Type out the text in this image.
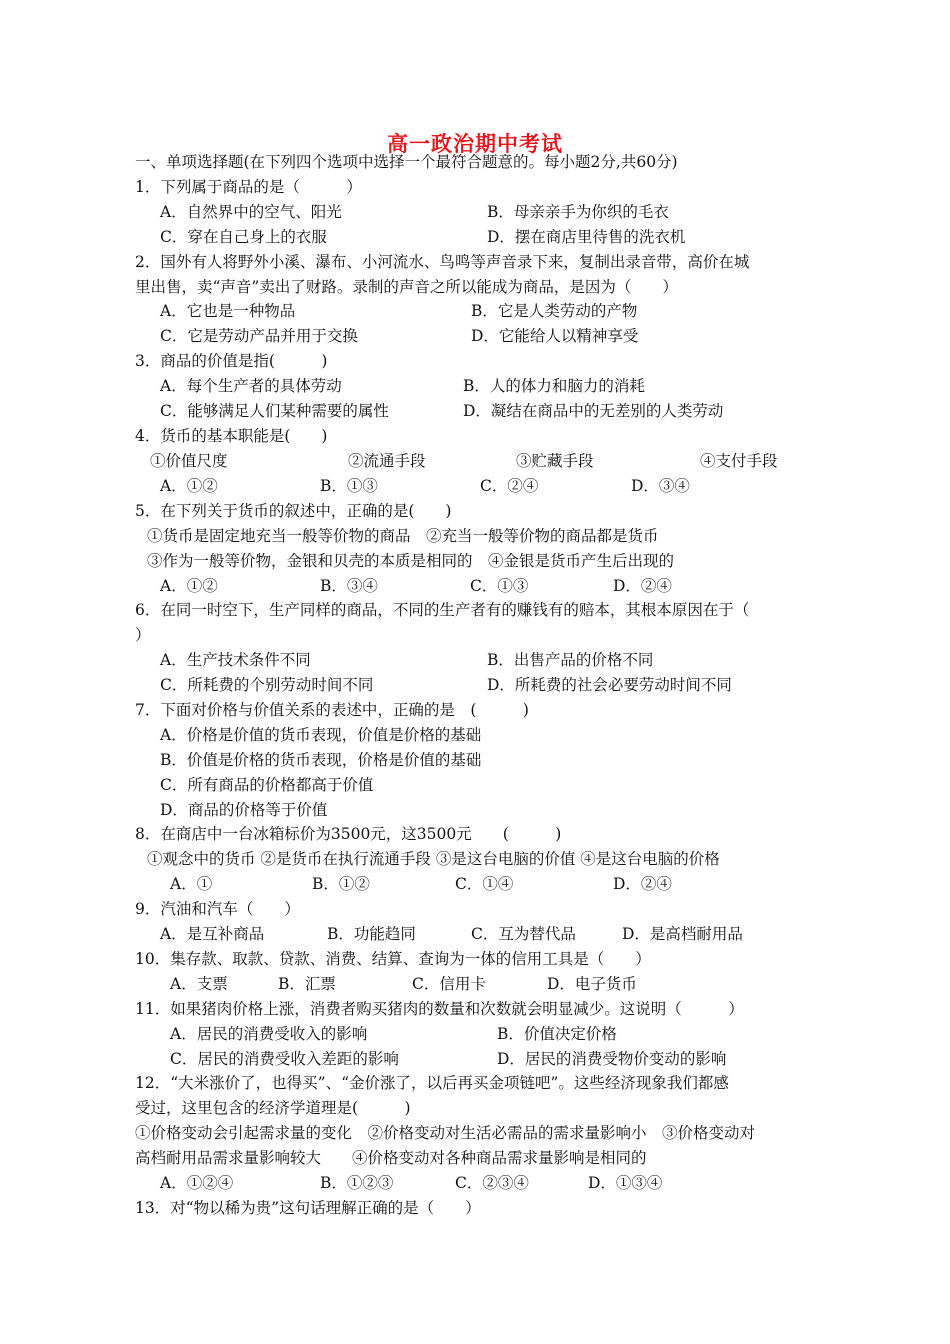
高一政治期中考试
一、单项选择题(在下列四个选项中选择一个最符合题意的。每小题2分,共60分)
1．下列属于商品的是（　　　）
A．自然界中的空气、阳光	B．母亲亲手为你织的毛衣
C．穿在自己身上的衣服	D．摆在商店里待售的洗衣机
2．国外有人将野外小溪、瀑布、小河流水、鸟鸣等声音录下来，复制出录音带，高价在城
里出售，卖“声音”卖出了财路。录制的声音之所以能成为商品，是因为（　　）
A．它也是一种物品	B．它是人类劳动的产物
C．它是劳动产品并用于交换	D．它能给人以精神享受
3．商品的价值是指(　　　)
A．每个生产者的具体劳动	B．人的体力和脑力的消耗
C．能够满足人们某种需要的属性	D．凝结在商品中的无差别的人类劳动
4．货币的基本职能是(　　)
①价值尺度	②流通手段	③贮藏手段	④支付手段
A．①②	B．①③	C．②④	D．③④
5．在下列关于货币的叙述中，正确的是(　　)
①货币是固定地充当一般等价物的商品　②充当一般等价物的商品都是货币
③作为一般等价物，金银和贝壳的本质是相同的　④金银是货币产生后出现的
A．①②	B．③④	C．①③	D．②④
6．在同一时空下，生产同样的商品，不同的生产者有的赚钱有的赔本，其根本原因在于（
）
A．生产技术条件不同	B．出售产品的价格不同
C．所耗费的个别劳动时间不同	D．所耗费的社会必要劳动时间不同
7．下面对价格与价值关系的表述中，正确的是　(　　　)
A．价格是价值的货币表现，价值是价格的基础
B．价值是价格的货币表现，价格是价值的基础
C．所有商品的价格都高于价值
D．商品的价格等于价值
8．在商店中一台冰箱标价为3500元，这3500元　　(　　　)
①观念中的货币 ②是货币在执行流通手段 ③是这台电脑的价值 ④是这台电脑的价格
A．①	B．①②	C．①④	D．②④
9．汽油和汽车（　　）
A．是互补商品	B．功能趋同	C．互为替代品	D．是高档耐用品
10．集存款、取款、贷款、消费、结算、查询为一体的信用工具是（　　）
A．支票	B．汇票	C．信用卡	D．电子货币
11．如果猪肉价格上涨，消费者购买猪肉的数量和次数就会明显减少。这说明（　　　）
A．居民的消费受收入的影响	B．价值决定价格
C．居民的消费受收入差距的影响	D．居民的消费受物价变动的影响
12．“大米涨价了，也得买”、“金价涨了，以后再买金项链吧”。这些经济现象我们都感
受过，这里包含的经济学道理是(　　　)
①价格变动会引起需求量的变化　②价格变动对生活必需品的需求量影响小　③价格变动对
高档耐用品需求量影响较大　　④价格变动对各种商品需求量影响是相同的
A．①②④	B．①②③	C．②③④	D．①③④
13．对“物以稀为贵”这句话理解正确的是（　　）
